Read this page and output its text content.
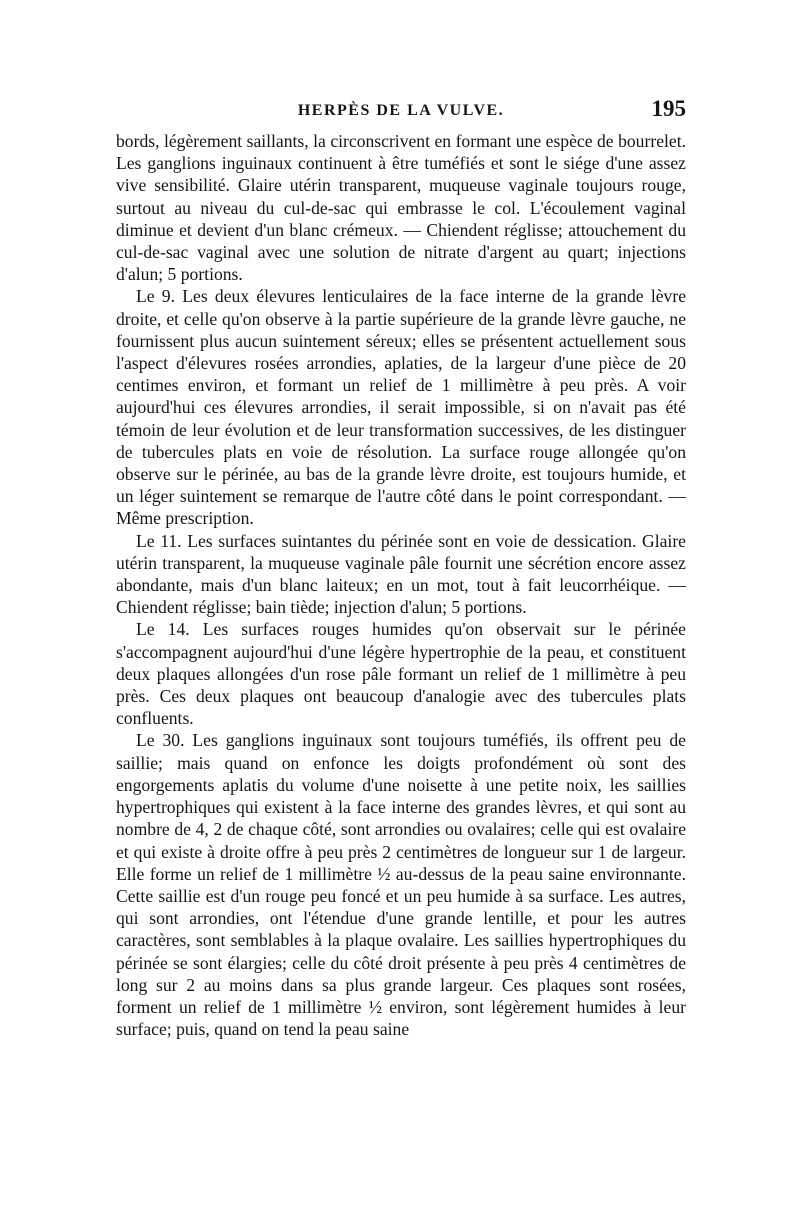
HERPÈS DE LA VULVE.	195

bords, légèrement saillants, la circonscrivent en formant une espèce de bourrelet. Les ganglions inguinaux continuent à être tuméfiés et sont le siége d'une assez vive sensibilité. Glaire utérin transparent, muqueuse vaginale toujours rouge, surtout au niveau du cul-de-sac qui embrasse le col. L'écoulement vaginal diminue et devient d'un blanc crémeux. — Chiendent réglisse; attouchement du cul-de-sac vaginal avec une solution de nitrate d'argent au quart; injections d'alun; 5 portions.

Le 9. Les deux élevures lenticulaires de la face interne de la grande lèvre droite, et celle qu'on observe à la partie supérieure de la grande lèvre gauche, ne fournissent plus aucun suintement séreux; elles se présentent actuellement sous l'aspect d'élevures rosées arrondies, aplaties, de la largeur d'une pièce de 20 centimes environ, et formant un relief de 1 millimètre à peu près. A voir aujourd'hui ces élevures arrondies, il serait impossible, si on n'avait pas été témoin de leur évolution et de leur transformation successives, de les distinguer de tubercules plats en voie de résolution. La surface rouge allongée qu'on observe sur le périnée, au bas de la grande lèvre droite, est toujours humide, et un léger suintement se remarque de l'autre côté dans le point correspondant. — Même prescription.

Le 11. Les surfaces suintantes du périnée sont en voie de dessication. Glaire utérin transparent, la muqueuse vaginale pâle fournit une sécrétion encore assez abondante, mais d'un blanc laiteux; en un mot, tout à fait leucorrhéique. — Chiendent réglisse; bain tiède; injection d'alun; 5 portions.

Le 14. Les surfaces rouges humides qu'on observait sur le périnée s'accompagnent aujourd'hui d'une légère hypertrophie de la peau, et constituent deux plaques allongées d'un rose pâle formant un relief de 1 millimètre à peu près. Ces deux plaques ont beaucoup d'analogie avec des tubercules plats confluents.

Le 30. Les ganglions inguinaux sont toujours tuméfiés, ils offrent peu de saillie; mais quand on enfonce les doigts profondément où sont des engorgements aplatis du volume d'une noisette à une petite noix, les saillies hypertrophiques qui existent à la face interne des grandes lèvres, et qui sont au nombre de 4, 2 de chaque côté, sont arrondies ou ovalaires; celle qui est ovalaire et qui existe à droite offre à peu près 2 centimètres de longueur sur 1 de largeur. Elle forme un relief de 1 millimètre ½ au-dessus de la peau saine environnante. Cette saillie est d'un rouge peu foncé et un peu humide à sa surface. Les autres, qui sont arrondies, ont l'étendue d'une grande lentille, et pour les autres caractères, sont semblables à la plaque ovalaire. Les saillies hypertrophiques du périnée se sont élargies; celle du côté droit présente à peu près 4 centimètres de long sur 2 au moins dans sa plus grande largeur. Ces plaques sont rosées, forment un relief de 1 millimètre ½ environ, sont légèrement humides à leur surface; puis, quand on tend la peau saine
